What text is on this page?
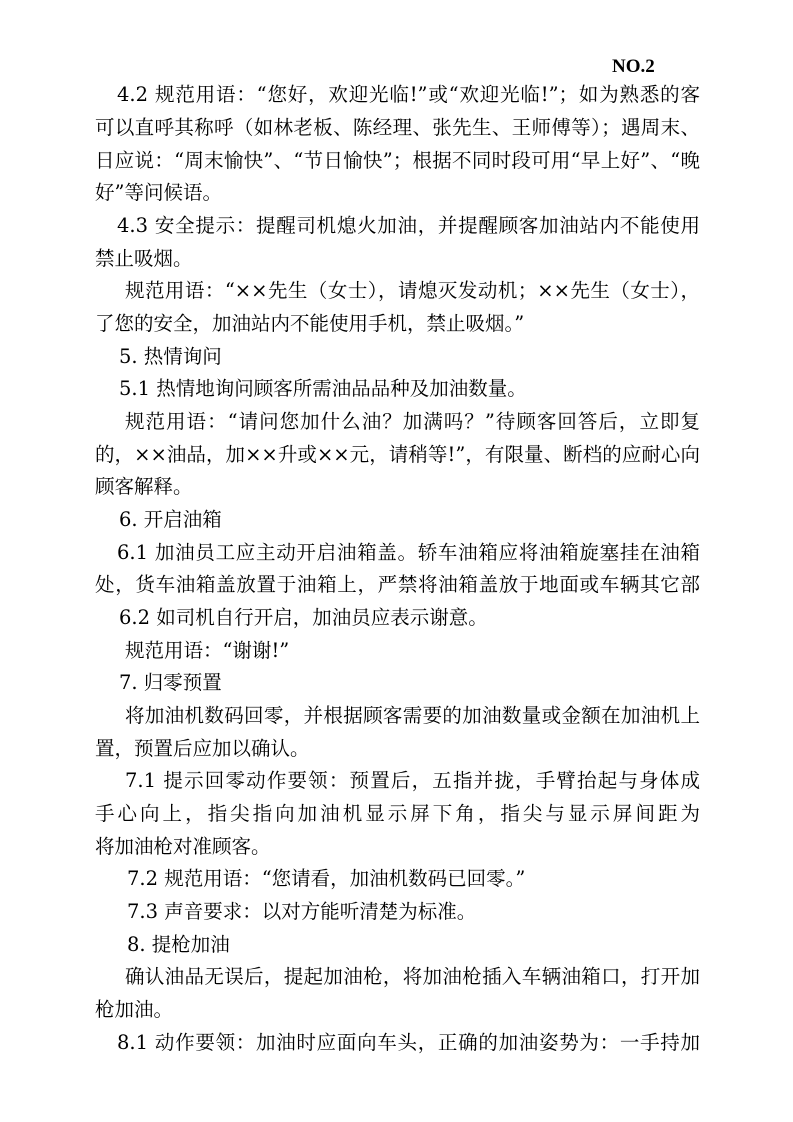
NO.2
4.2 规范用语：“您好，欢迎光临!”或“欢迎光临!”；如为熟悉的客
可以直呼其称呼（如林老板、陈经理、张先生、王师傅等）；遇周末、
日应说：“周末愉快”、“节日愉快”；根据不同时段可用“早上好”、“晚
好”等问候语。
4.3 安全提示：提醒司机熄火加油，并提醒顾客加油站内不能使用
禁止吸烟。
规范用语：“××先生（女士），请熄灭发动机；××先生（女士），
了您的安全，加油站内不能使用手机，禁止吸烟。”
5. 热情询问
5.1 热情地询问顾客所需油品品种及加油数量。
规范用语：“请问您加什么油？加满吗？”待顾客回答后，立即复
的，××油品，加××升或××元，请稍等!”，有限量、断档的应耐心向
顾客解释。
6. 开启油箱
6.1 加油员工应主动开启油箱盖。轿车油箱应将油箱旋塞挂在油箱
处，货车油箱盖放置于油箱上，严禁将油箱盖放于地面或车辆其它部
6.2 如司机自行开启，加油员应表示谢意。
规范用语：“谢谢!”
7. 归零预置
将加油机数码回零，并根据顾客需要的加油数量或金额在加油机上
置，预置后应加以确认。
7.1 提示回零动作要领：预置后，五指并拢，手臂抬起与身体成
手心向上，指尖指向加油机显示屏下角，指尖与显示屏间距为
将加油枪对准顾客。
7.2 规范用语：“您请看，加油机数码已回零。”
7.3 声音要求：以对方能听清楚为标准。
8. 提枪加油
确认油品无误后，提起加油枪，将加油枪插入车辆油箱口，打开加
枪加油。
8.1 动作要领：加油时应面向车头，正确的加油姿势为：一手持加
